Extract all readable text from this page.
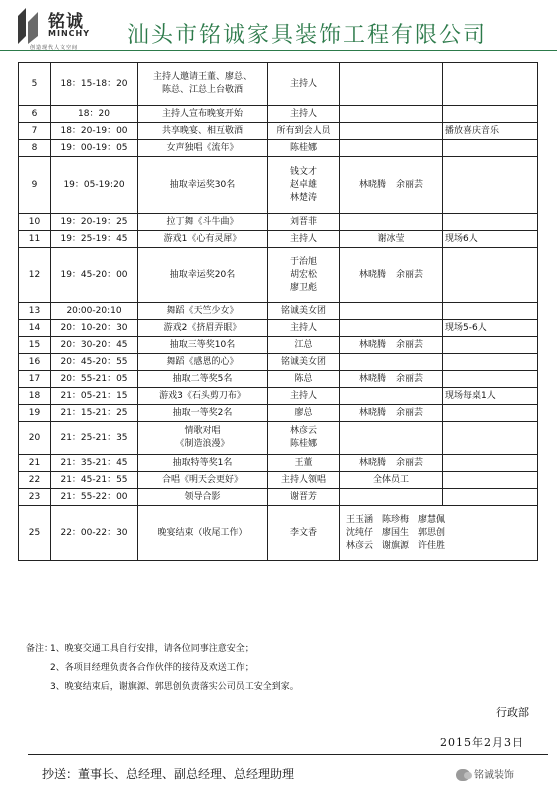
铭诚
MINCHY
创造现代人文空间 汕头市铭诚家具装饰工程有限公司
5	18：15-18：20	主持人邀请王董、廖总、
陈总、江总上台敬酒	主持人		

6	18：20	主持人宣布晚宴开始	主持人		

7	18：20-19：00	共享晚宴、相互敬酒	所有到会人员		播放喜庆音乐
8	19：00-19：05	女声独唱《流年》	陈桂娜		

9	19：05-19:20	抽取幸运奖30名	钱文才
赵卓雄
林楚涛	林晓腾 余丽芸	
10	19：20-19：25	拉丁舞《斗牛曲》	刘晋菲		

11	19：25-19：45	游戏1《心有灵犀》	主持人	谢冰莹	现场6人
12	19：45-20：00	抽取幸运奖20名	于治旭
胡宏松
廖卫彪	林晓腾 余丽芸	
13	20:00-20:10	舞蹈《天竺少女》	铭诚美女团		

14	20：10-20：30	游戏2《挤眉弄眼》	主持人		现场5-6人
15	20：30-20：45	抽取三等奖10名	江总	林晓腾 余丽芸	
16	20：45-20：55	舞蹈《感恩的心》	铭诚美女团		

17	20：55-21：05	抽取二等奖5名	陈总	林晓腾 余丽芸	
18	21：05-21：15	游戏3《石头剪刀布》	主持人		现场每桌1人
19	21：15-21：25	抽取一等奖2名	廖总	林晓腾 余丽芸	
20	21：25-21：35	情歌对唱
《制造浪漫》	林彦云
陈桂娜		

21	21：35-21：45	抽取特等奖1名	王董	林晓腾 余丽芸	
22	21：45-21：55	合唱《明天会更好》	主持人领唱	全体员工	

23	21：55-22：00	领导合影	谢晋芳		

25	22：00-22：30	晚宴结束（收尾工作）	李文香	王玉涵　陈珍梅　廖慧佩
沈纯仔　廖国生　郭思创
林彦云　谢旗源　许佳胜	
备注：1、晚宴交通工具自行安排，请各位同事注意安全；
2、各项目经理负责各合作伙伴的接待及欢送工作；
3、晚宴结束后，谢旗源、郭思创负责落实公司员工安全到家。
行政部
2015年2月3日
抄送：董事长、总经理、副总经理、总经理助理	铭诚装饰
